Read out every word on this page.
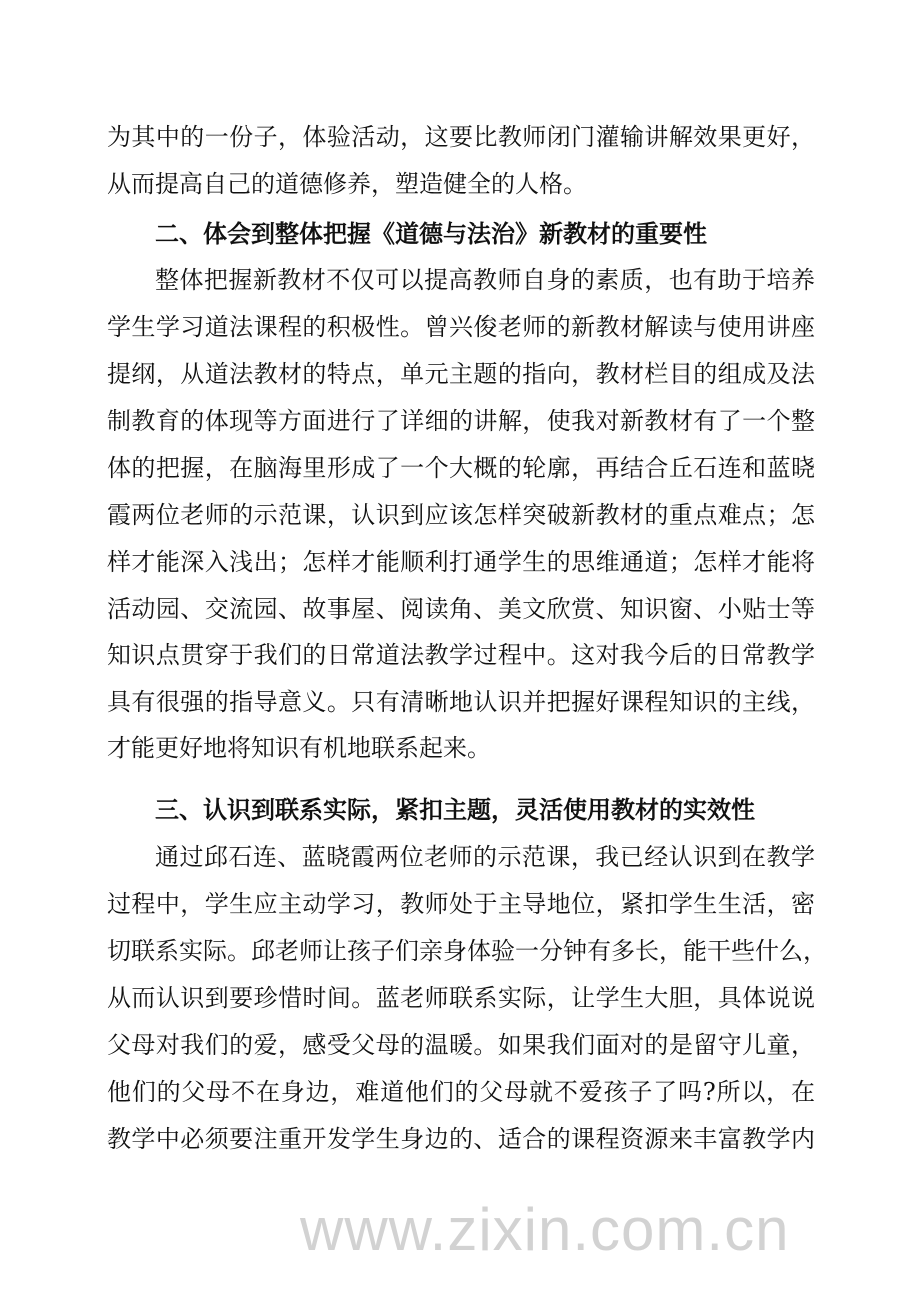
www.zixin.com.cn
为其中的一份子，体验活动，这要比教师闭门灌输讲解效果更好，
从而提高自己的道德修养，塑造健全的人格。
二、体会到整体把握《道德与法治》新教材的重要性
整体把握新教材不仅可以提高教师自身的素质，也有助于培养
学生学习道法课程的积极性。曾兴俊老师的新教材解读与使用讲座
提纲，从道法教材的特点，单元主题的指向，教材栏目的组成及法
制教育的体现等方面进行了详细的讲解，使我对新教材有了一个整
体的把握，在脑海里形成了一个大概的轮廓，再结合丘石连和蓝晓
霞两位老师的示范课，认识到应该怎样突破新教材的重点难点；怎
样才能深入浅出；怎样才能顺利打通学生的思维通道；怎样才能将
活动园、交流园、故事屋、阅读角、美文欣赏、知识窗、小贴士等
知识点贯穿于我们的日常道法教学过程中。这对我今后的日常教学
具有很强的指导意义。只有清晰地认识并把握好课程知识的主线，
才能更好地将知识有机地联系起来。
三、认识到联系实际，紧扣主题，灵活使用教材的实效性
通过邱石连、蓝晓霞两位老师的示范课，我已经认识到在教学
过程中，学生应主动学习，教师处于主导地位，紧扣学生生活，密
切联系实际。邱老师让孩子们亲身体验一分钟有多长，能干些什么，
从而认识到要珍惜时间。蓝老师联系实际，让学生大胆，具体说说
父母对我们的爱，感受父母的温暖。如果我们面对的是留守儿童，
他们的父母不在身边，难道他们的父母就不爱孩子了吗?所以，在
教学中必须要注重开发学生身边的、适合的课程资源来丰富教学内
